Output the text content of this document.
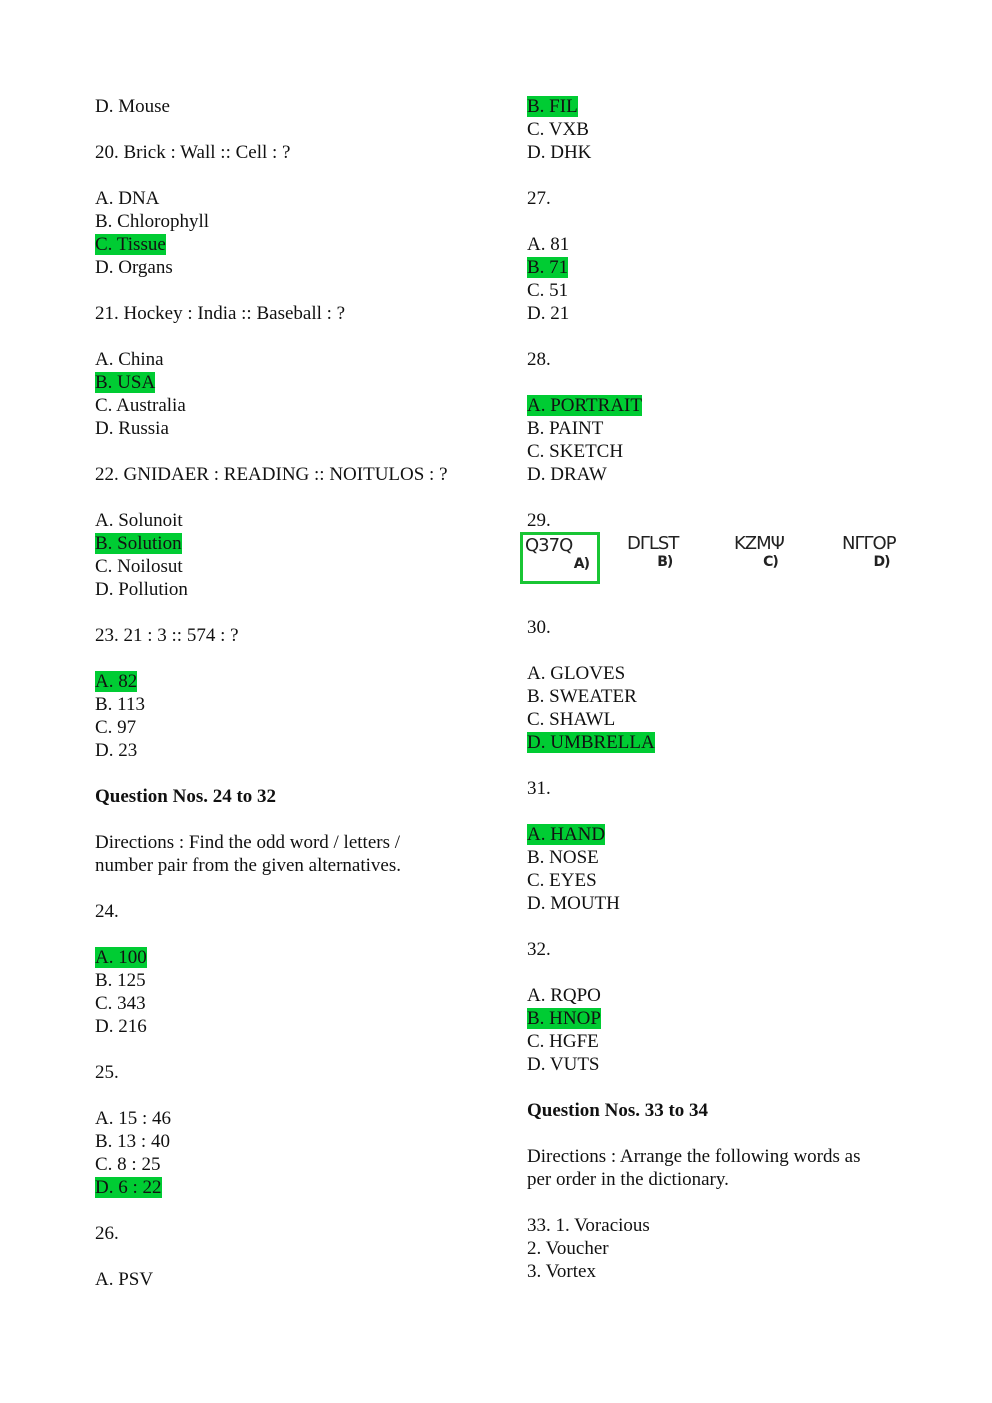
D. Mouse
20. Brick : Wall :: Cell : ?
A. DNA
B. Chlorophyll
C. Tissue
D. Organs
21. Hockey : India :: Baseball : ?
A. China
B. USA
C. Australia
D. Russia
22. GNIDAER : READING :: NOITULOS : ?
A. Solunoit
B. Solution
C. Noilosut
D. Pollution
23. 21 : 3 :: 574 : ?
A. 82
B. 113
C. 97
D. 23
Question Nos. 24 to 32
Directions : Find the odd word / letters /
number pair from the given alternatives.
24.
A. 100
B. 125
C. 343
D. 216
25.
A. 15 : 46
B. 13 : 40
C. 8 : 25
D. 6 : 22
26.
A. PSV
B. FIL
C. VXB
D. DHK
27.
A. 81
B. 71
C. 51
D. 21
28.
A. PORTRAIT
B. PAINT
C. SKETCH
D. DRAW
29.
Q37Q
A)
DΓᒪST
B)
KZMΨ
C)
NΓΓOP
D)
30.
A. GLOVES
B. SWEATER
C. SHAWL
D. UMBRELLA
31.
A. HAND
B. NOSE
C. EYES
D. MOUTH
32.
A. RQPO
B. HNOP
C. HGFE
D. VUTS
Question Nos. 33 to 34
Directions : Arrange the following words as
per order in the dictionary.
33. 1. Voracious
2. Voucher
3. Vortex
